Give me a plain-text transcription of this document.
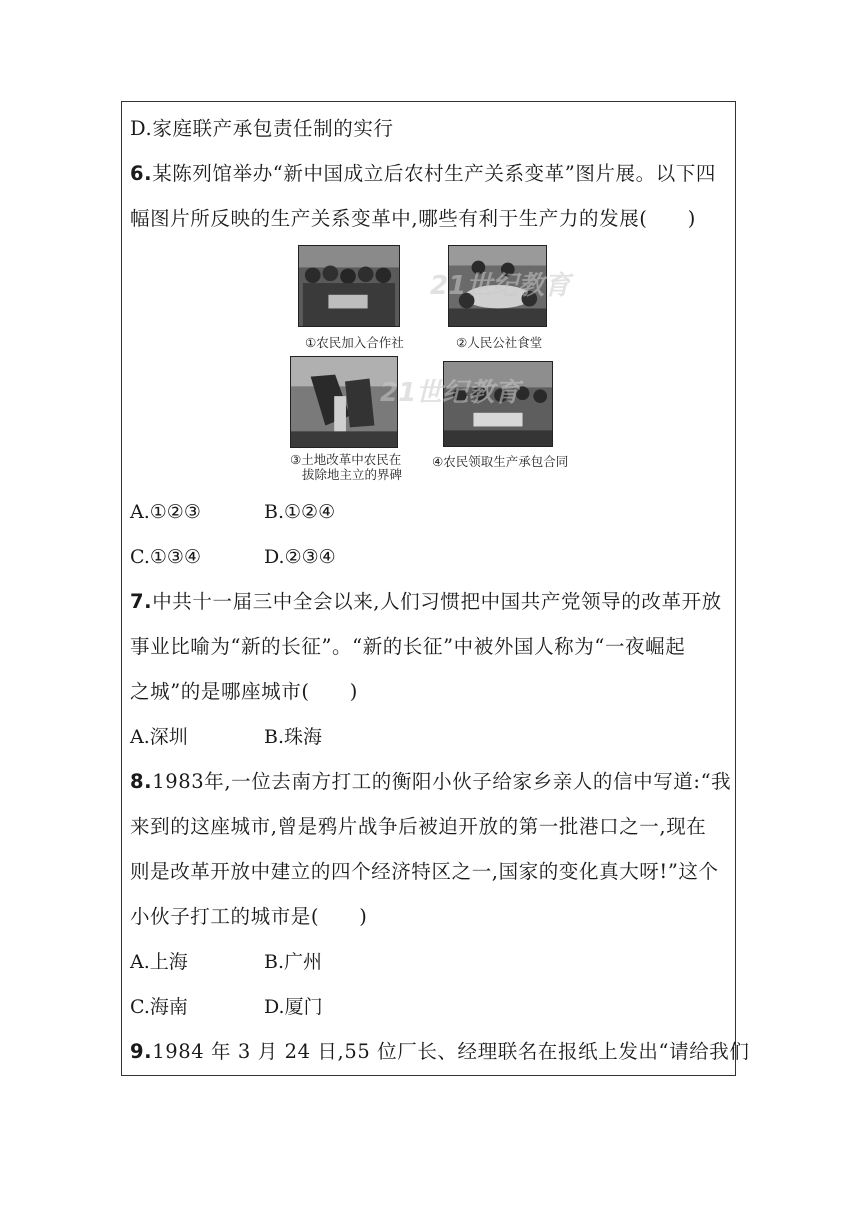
D.家庭联产承包责任制的实行
6.某陈列馆举办“新中国成立后农村生产关系变革”图片展。以下四
幅图片所反映的生产关系变革中,哪些有利于生产力的发展(　　)
21世纪教育
21世纪教育
①农民加入合作社	②人民公社食堂
③土地改革中农民在
拔除地主立的界碑
④农民领取生产承包合同
A.①②③	B.①②④
C.①③④	D.②③④
7.中共十一届三中全会以来,人们习惯把中国共产党领导的改革开放
事业比喻为“新的长征”。“新的长征”中被外国人称为“一夜崛起
之城”的是哪座城市(　　)
A.深圳	B.珠海
8.1983年,一位去南方打工的衡阳小伙子给家乡亲人的信中写道:“我
来到的这座城市,曾是鸦片战争后被迫开放的第一批港口之一,现在
则是改革开放中建立的四个经济特区之一,国家的变化真大呀!”这个
小伙子打工的城市是(　　)
A.上海	B.广州
C.海南	D.厦门
9.1984 年 3 月 24 日,55 位厂长、经理联名在报纸上发出“请给我们
